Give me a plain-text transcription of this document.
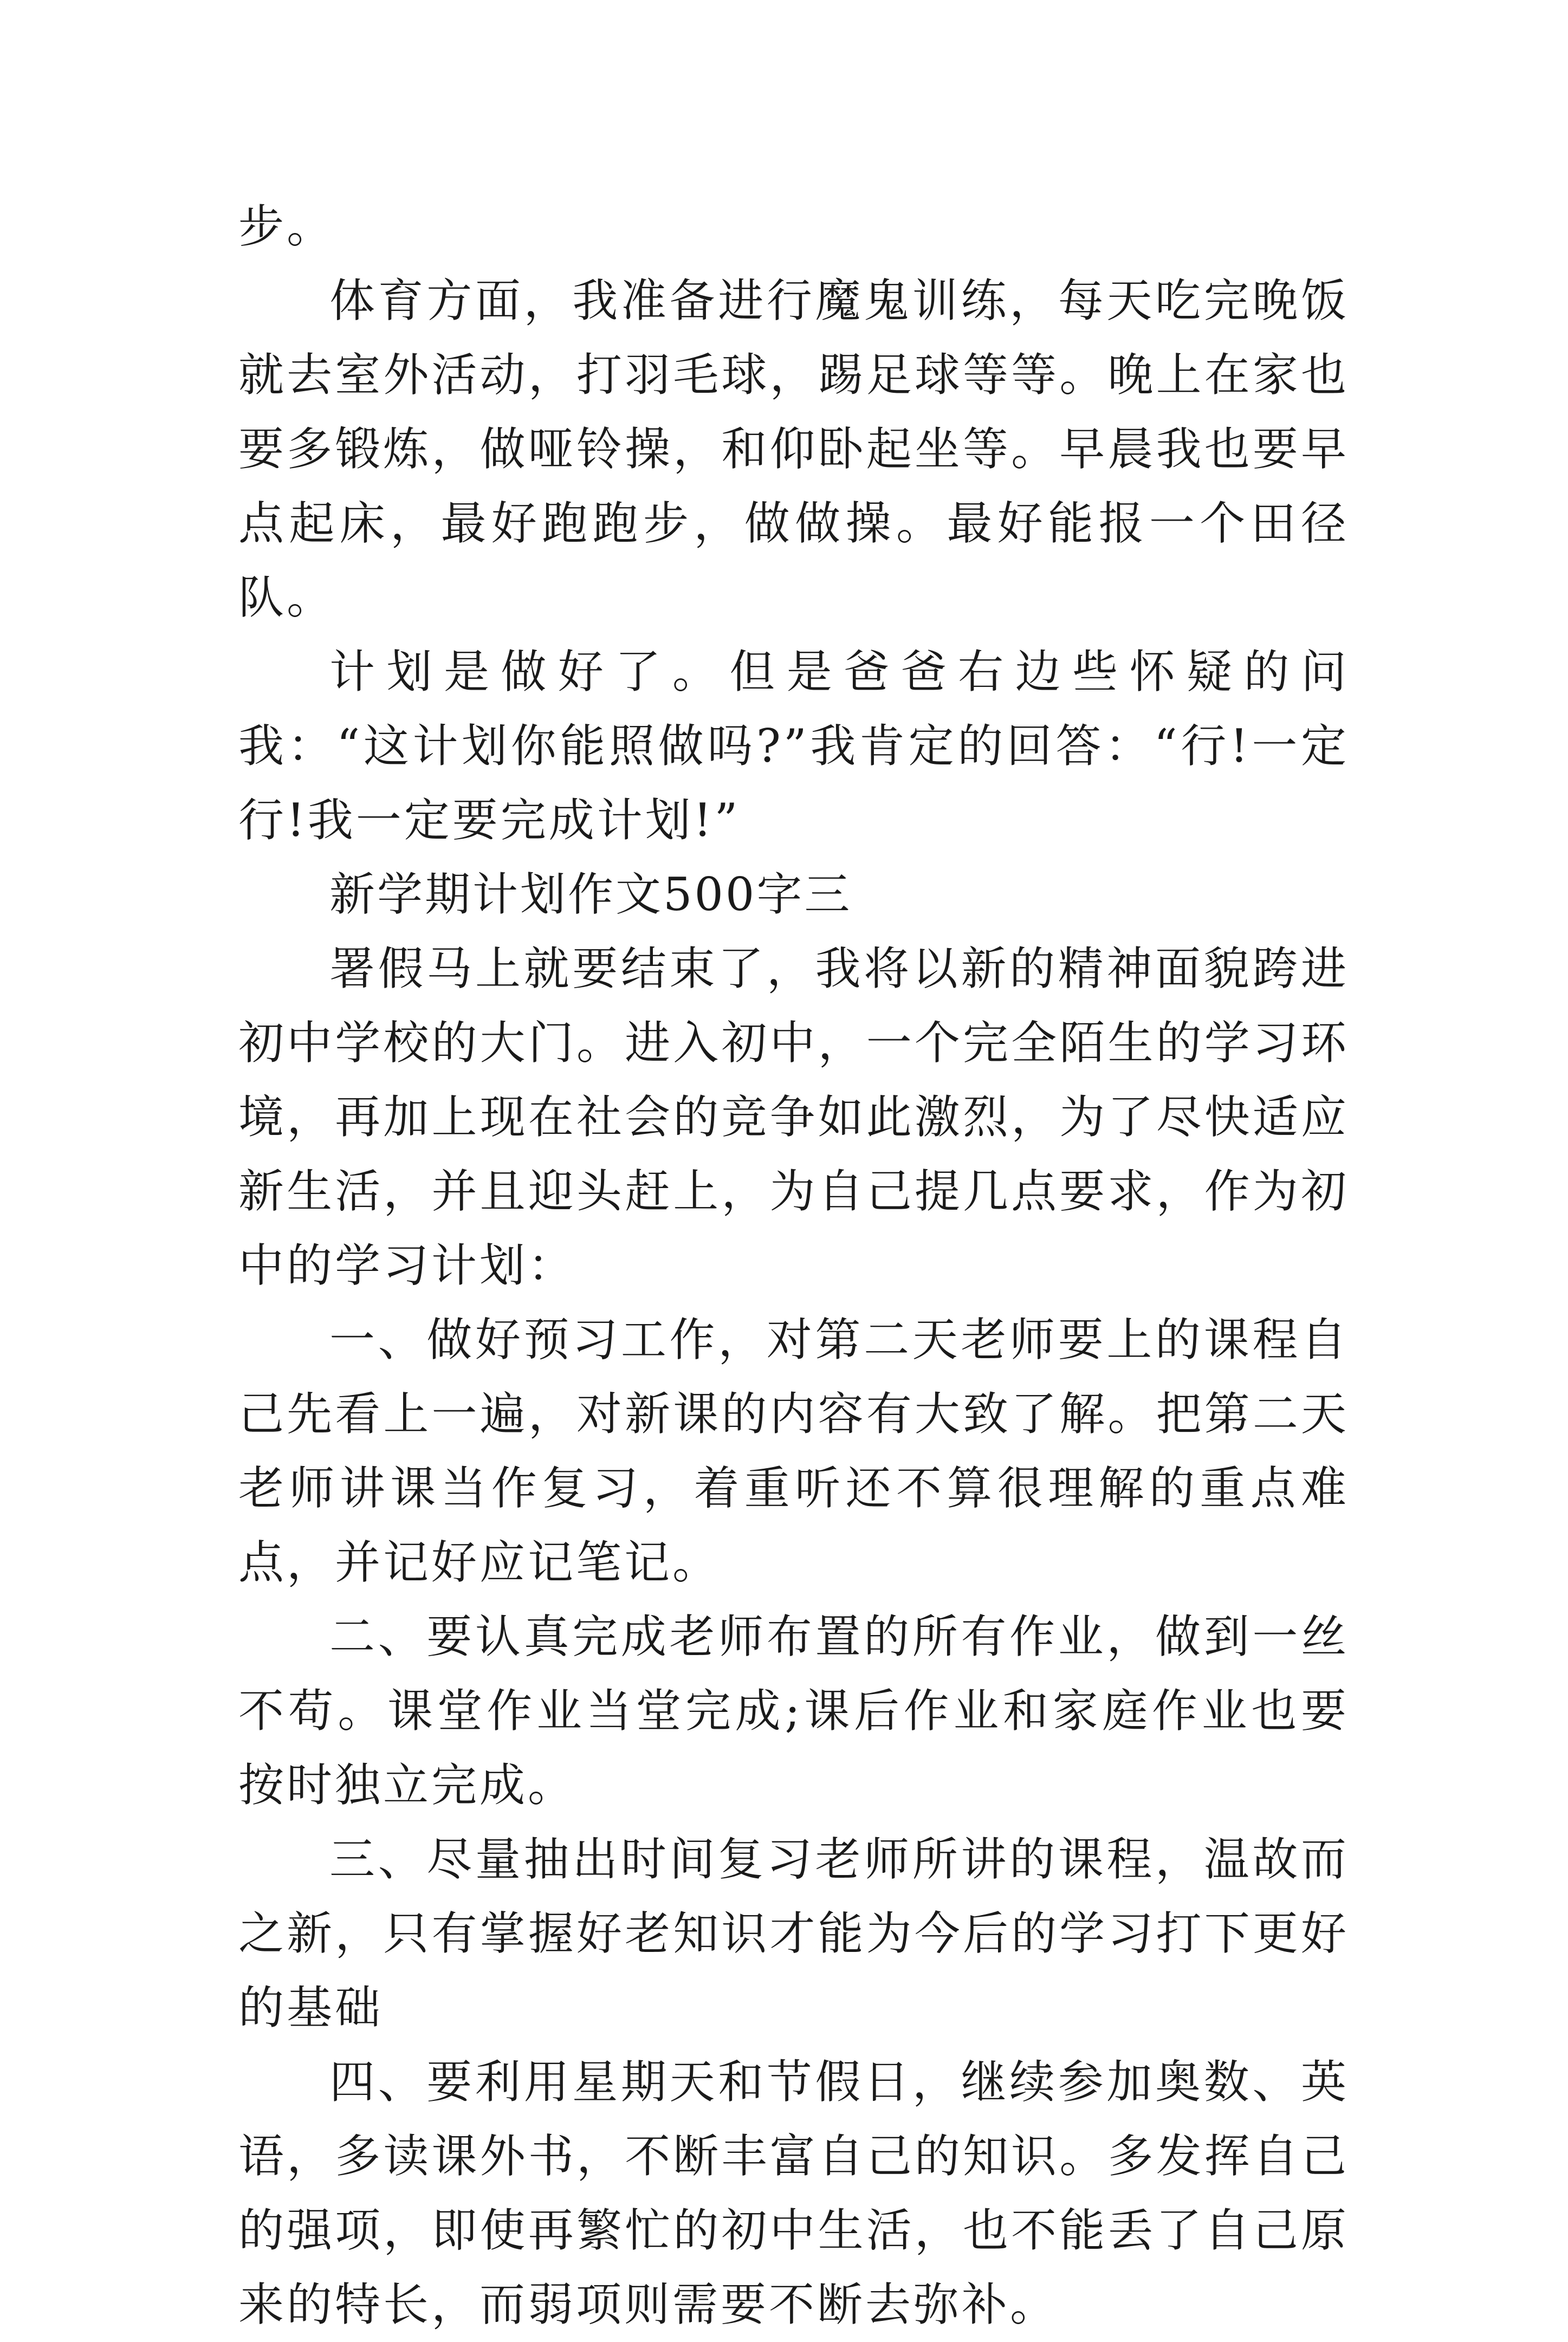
步。

体育方面，我准备进行魔鬼训练，每天吃完晚饭就去室外活动，打羽毛球，踢足球等等。晚上在家也要多锻炼，做哑铃操，和仰卧起坐等。早晨我也要早点起床，最好跑跑步，做做操。最好能报一个田径队。

计划是做好了。但是爸爸右边些怀疑的问我：“这计划你能照做吗?”我肯定的回答：“行!一定行!我一定要完成计划!”

新学期计划作文500字三

署假马上就要结束了，我将以新的精神面貌跨进初中学校的大门。进入初中，一个完全陌生的学习环境，再加上现在社会的竞争如此激烈，为了尽快适应新生活，并且迎头赶上，为自己提几点要求，作为初中的学习计划：

一、做好预习工作，对第二天老师要上的课程自己先看上一遍，对新课的内容有大致了解。把第二天老师讲课当作复习，着重听还不算很理解的重点难点，并记好应记笔记。

二、要认真完成老师布置的所有作业，做到一丝不苟。课堂作业当堂完成;课后作业和家庭作业也要按时独立完成。

三、尽量抽出时间复习老师所讲的课程，温故而之新，只有掌握好老知识才能为今后的学习打下更好的基础

四、要利用星期天和节假日，继续参加奥数、英语，多读课外书，不断丰富自己的知识。多发挥自己的强项，即使再繁忙的初中生活，也不能丢了自己原来的特长，而弱项则需要不断去弥补。
